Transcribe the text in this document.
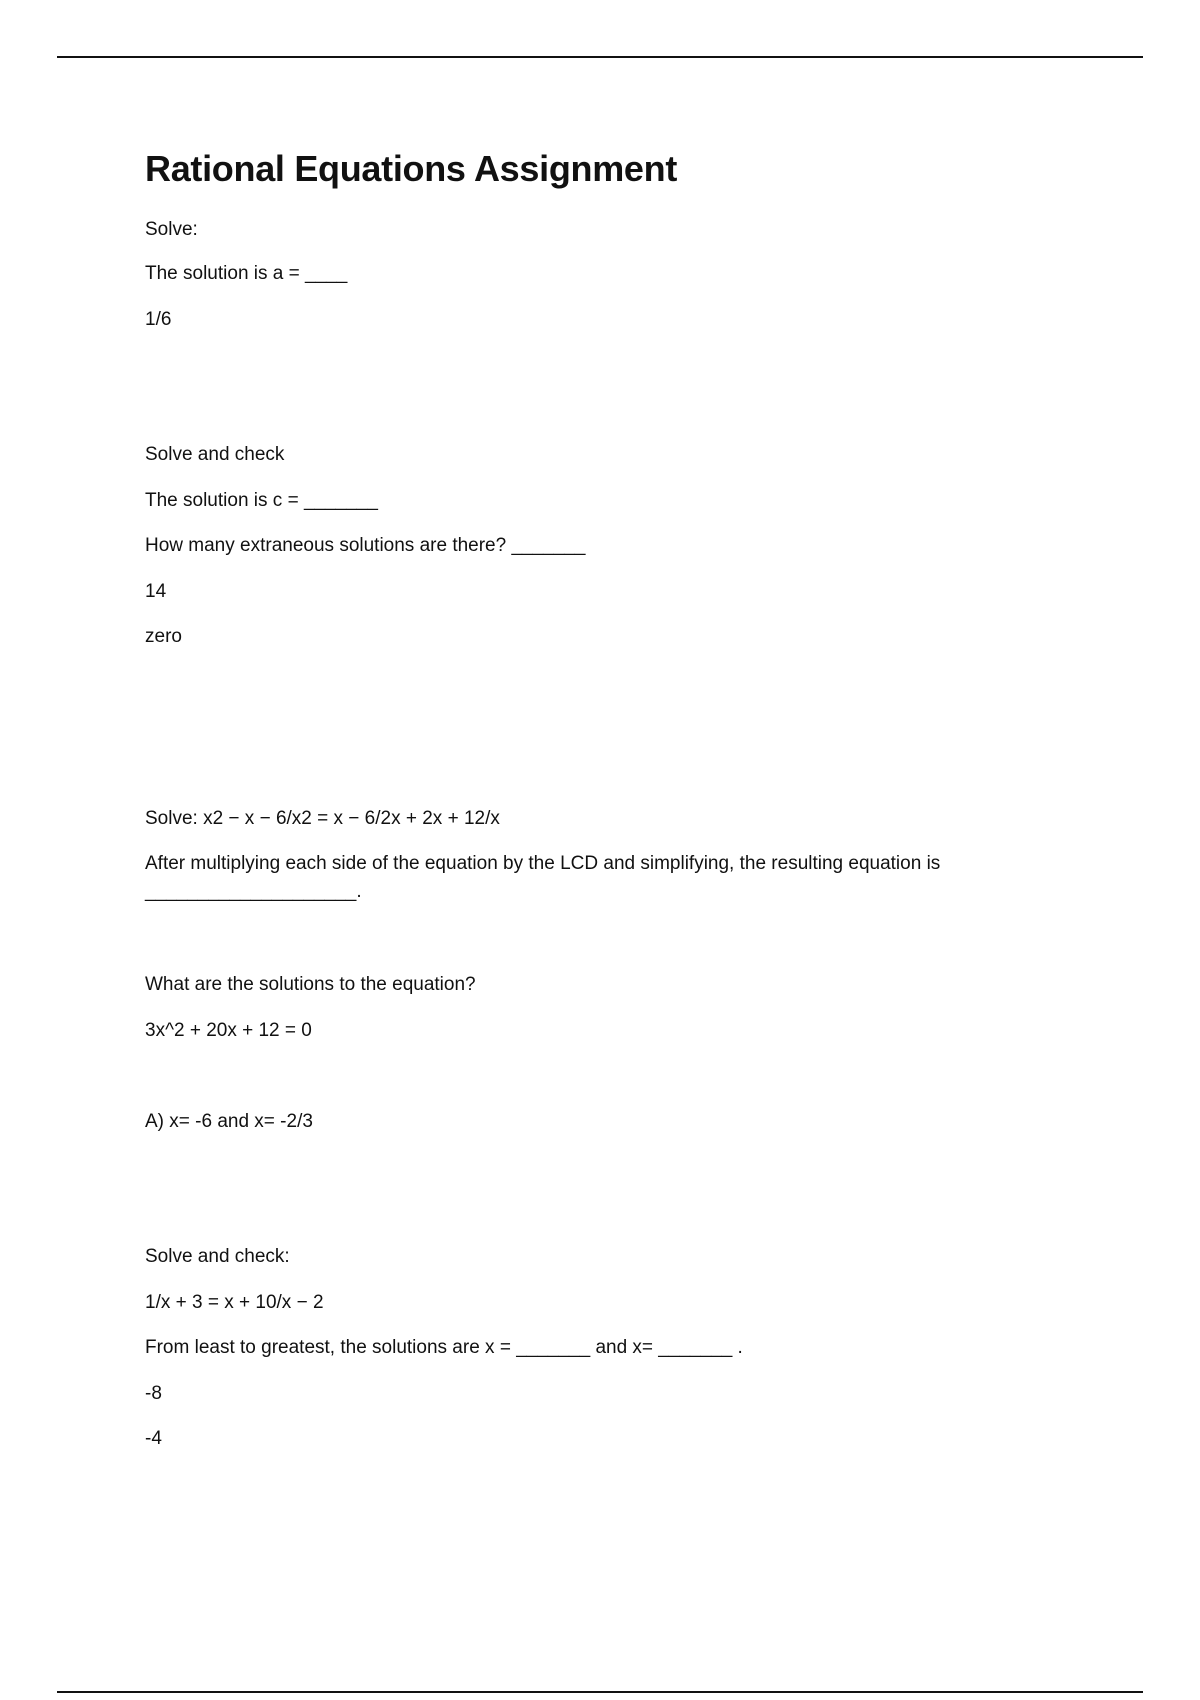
Rational Equations Assignment

Solve:

The solution is a = ____

1/6

Solve and check

The solution is c = _______

How many extraneous solutions are there? _______

14

zero

Solve: x2 − x − 6/x2 = x − 6/2x + 2x + 12/x

After multiplying each side of the equation by the LCD and simplifying, the resulting equation is

____________________.

What are the solutions to the equation?

3x^2 + 20x + 12 = 0

A) x= -6 and x= -2/3

Solve and check:

1/x + 3 = x + 10/x − 2

From least to greatest, the solutions are x = _______ and x= _______ .

-8

-4
